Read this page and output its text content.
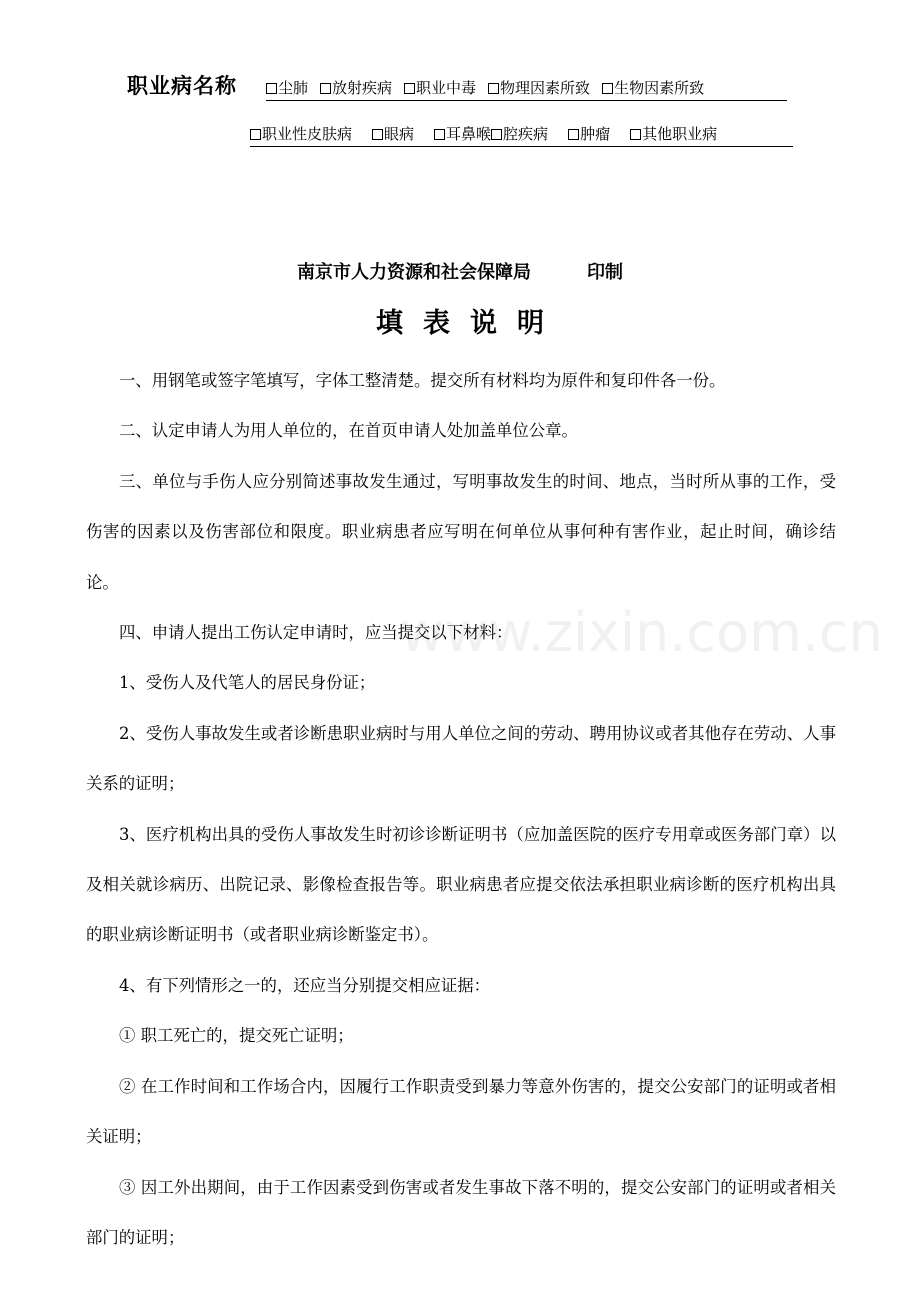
职业病名称	尘肺 放射疾病 职业中毒 物理因素所致 生物因素所致
职业性皮肤病 眼病 耳鼻喉 腔疾病 肿瘤 其他职业病
南京市人力资源和社会保障局	印制
填表说明

一、用钢笔或签字笔填写，字体工整清楚。提交所有材料均为原件和复印件各一份。

二、认定申请人为用人单位的，在首页申请人处加盖单位公章。

三、单位与手伤人应分别简述事故发生通过，写明事故发生的时间、地点，当时所从事的工作，受伤害的因素以及伤害部位和限度。职业病患者应写明在何单位从事何种有害作业，起止时间，确诊结论。

四、申请人提出工伤认定申请时，应当提交以下材料：

1、受伤人及代笔人的居民身份证；

2、受伤人事故发生或者诊断患职业病时与用人单位之间的劳动、聘用协议或者其他存在劳动、人事关系的证明；

3、医疗机构出具的受伤人事故发生时初诊诊断证明书（应加盖医院的医疗专用章或医务部门章）以及相关就诊病历、出院记录、影像检查报告等。职业病患者应提交依法承担职业病诊断的医疗机构出具的职业病诊断证明书（或者职业病诊断鉴定书）。

4、有下列情形之一的，还应当分别提交相应证据：

① 职工死亡的，提交死亡证明；

② 在工作时间和工作场合内，因履行工作职责受到暴力等意外伤害的，提交公安部门的证明或者相关证明；

③ 因工外出期间，由于工作因素受到伤害或者发生事故下落不明的，提交公安部门的证明或者相关部门的证明；

www.zixin.com.cn
